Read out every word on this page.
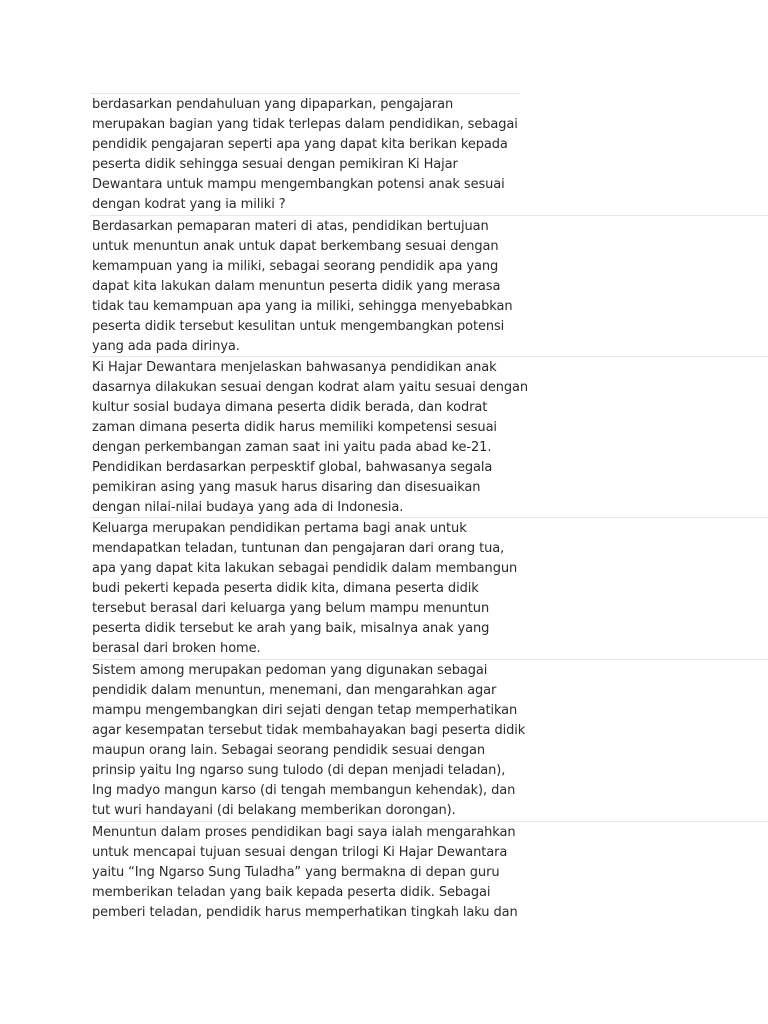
berdasarkan pendahuluan yang dipaparkan, pengajaran
merupakan bagian yang tidak terlepas dalam pendidikan, sebagai
pendidik pengajaran seperti apa yang dapat kita berikan kepada
peserta didik sehingga sesuai dengan pemikiran Ki Hajar
Dewantara untuk mampu mengembangkan potensi anak sesuai
dengan kodrat yang ia miliki ?

Berdasarkan pemaparan materi di atas, pendidikan bertujuan
untuk menuntun anak untuk dapat berkembang sesuai dengan
kemampuan yang ia miliki, sebagai seorang pendidik apa yang
dapat kita lakukan dalam menuntun peserta didik yang merasa
tidak tau kemampuan apa yang ia miliki, sehingga menyebabkan
peserta didik tersebut kesulitan untuk mengembangkan potensi
yang ada pada dirinya.

Ki Hajar Dewantara menjelaskan bahwasanya pendidikan anak
dasarnya dilakukan sesuai dengan kodrat alam yaitu sesuai dengan
kultur sosial budaya dimana peserta didik berada, dan kodrat
zaman dimana peserta didik harus memiliki kompetensi sesuai
dengan perkembangan zaman saat ini yaitu pada abad ke-21.
Pendidikan berdasarkan perpesktif global, bahwasanya segala
pemikiran asing yang masuk harus disaring dan disesuaikan
dengan nilai-nilai budaya yang ada di Indonesia.

Keluarga merupakan pendidikan pertama bagi anak untuk
mendapatkan teladan, tuntunan dan pengajaran dari orang tua,
apa yang dapat kita lakukan sebagai pendidik dalam membangun
budi pekerti kepada peserta didik kita, dimana peserta didik
tersebut berasal dari keluarga yang belum mampu menuntun
peserta didik tersebut ke arah yang baik, misalnya anak yang
berasal dari broken home.

Sistem among merupakan pedoman yang digunakan sebagai
pendidik dalam menuntun, menemani, dan mengarahkan agar
mampu mengembangkan diri sejati dengan tetap memperhatikan
agar kesempatan tersebut tidak membahayakan bagi peserta didik
maupun orang lain. Sebagai seorang pendidik sesuai dengan
prinsip yaitu Ing ngarso sung tulodo (di depan menjadi teladan),
Ing madyo mangun karso (di tengah membangun kehendak), dan
tut wuri handayani (di belakang memberikan dorongan).

Menuntun dalam proses pendidikan bagi saya ialah mengarahkan
untuk mencapai tujuan sesuai dengan trilogi Ki Hajar Dewantara
yaitu “Ing Ngarso Sung Tuladha” yang bermakna di depan guru
memberikan teladan yang baik kepada peserta didik. Sebagai
pemberi teladan, pendidik harus memperhatikan tingkah laku dan
